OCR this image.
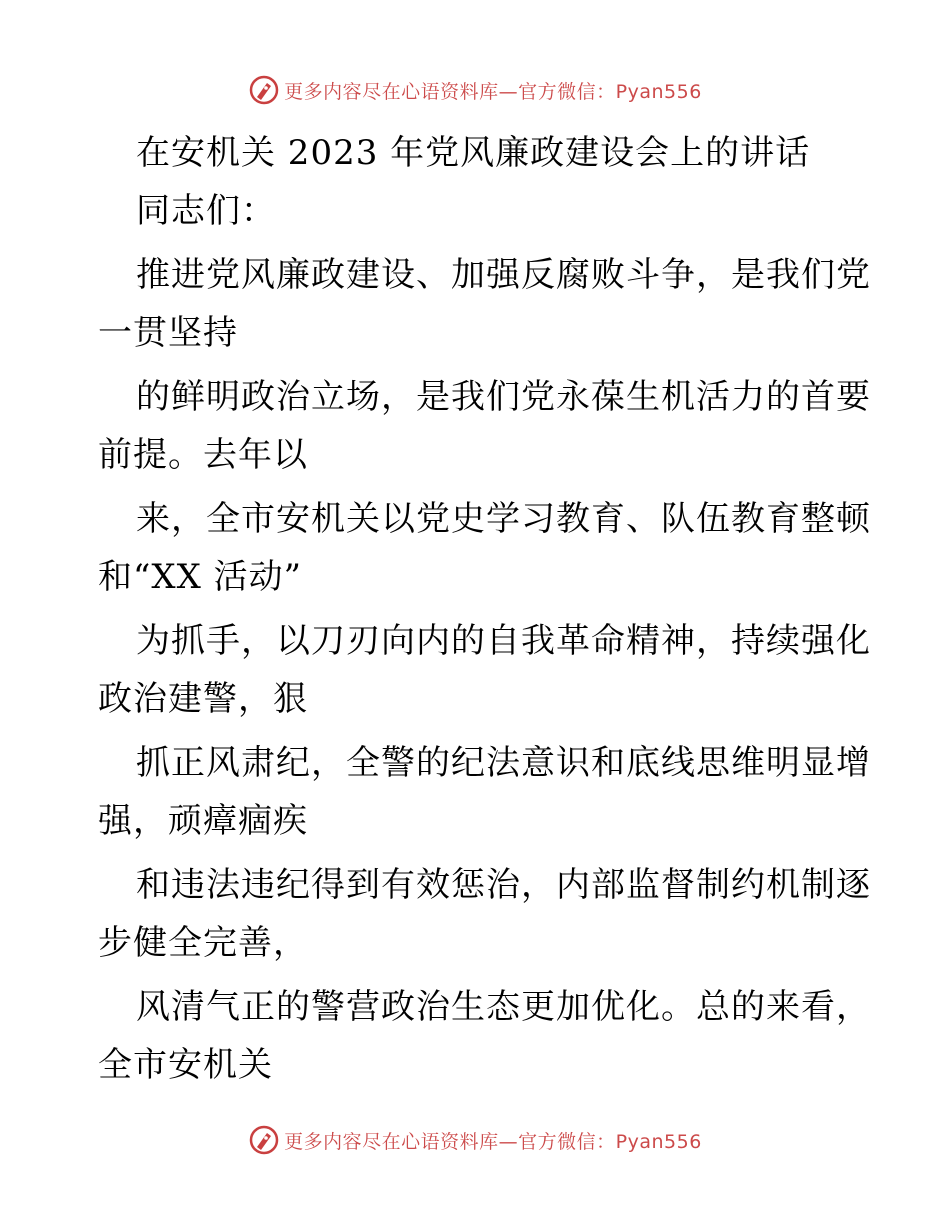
更多内容尽在心语资料库—官方微信：Pyan556
在安机关 2023 年党风廉政建设会上的讲话
同志们：
推进党风廉政建设、加强反腐败斗争，是我们党
一贯坚持
的鲜明政治立场，是我们党永葆生机活力的首要
前提。去年以
来，全市安机关以党史学习教育、队伍教育整顿
和“XX 活动”
为抓手，以刀刃向内的自我革命精神，持续强化
政治建警，狠
抓正风肃纪，全警的纪法意识和底线思维明显增
强，顽瘴痼疾
和违法违纪得到有效惩治，内部监督制约机制逐
步健全完善，
风清气正的警营政治生态更加优化。总的来看，
全市安机关
更多内容尽在心语资料库—官方微信：Pyan556
